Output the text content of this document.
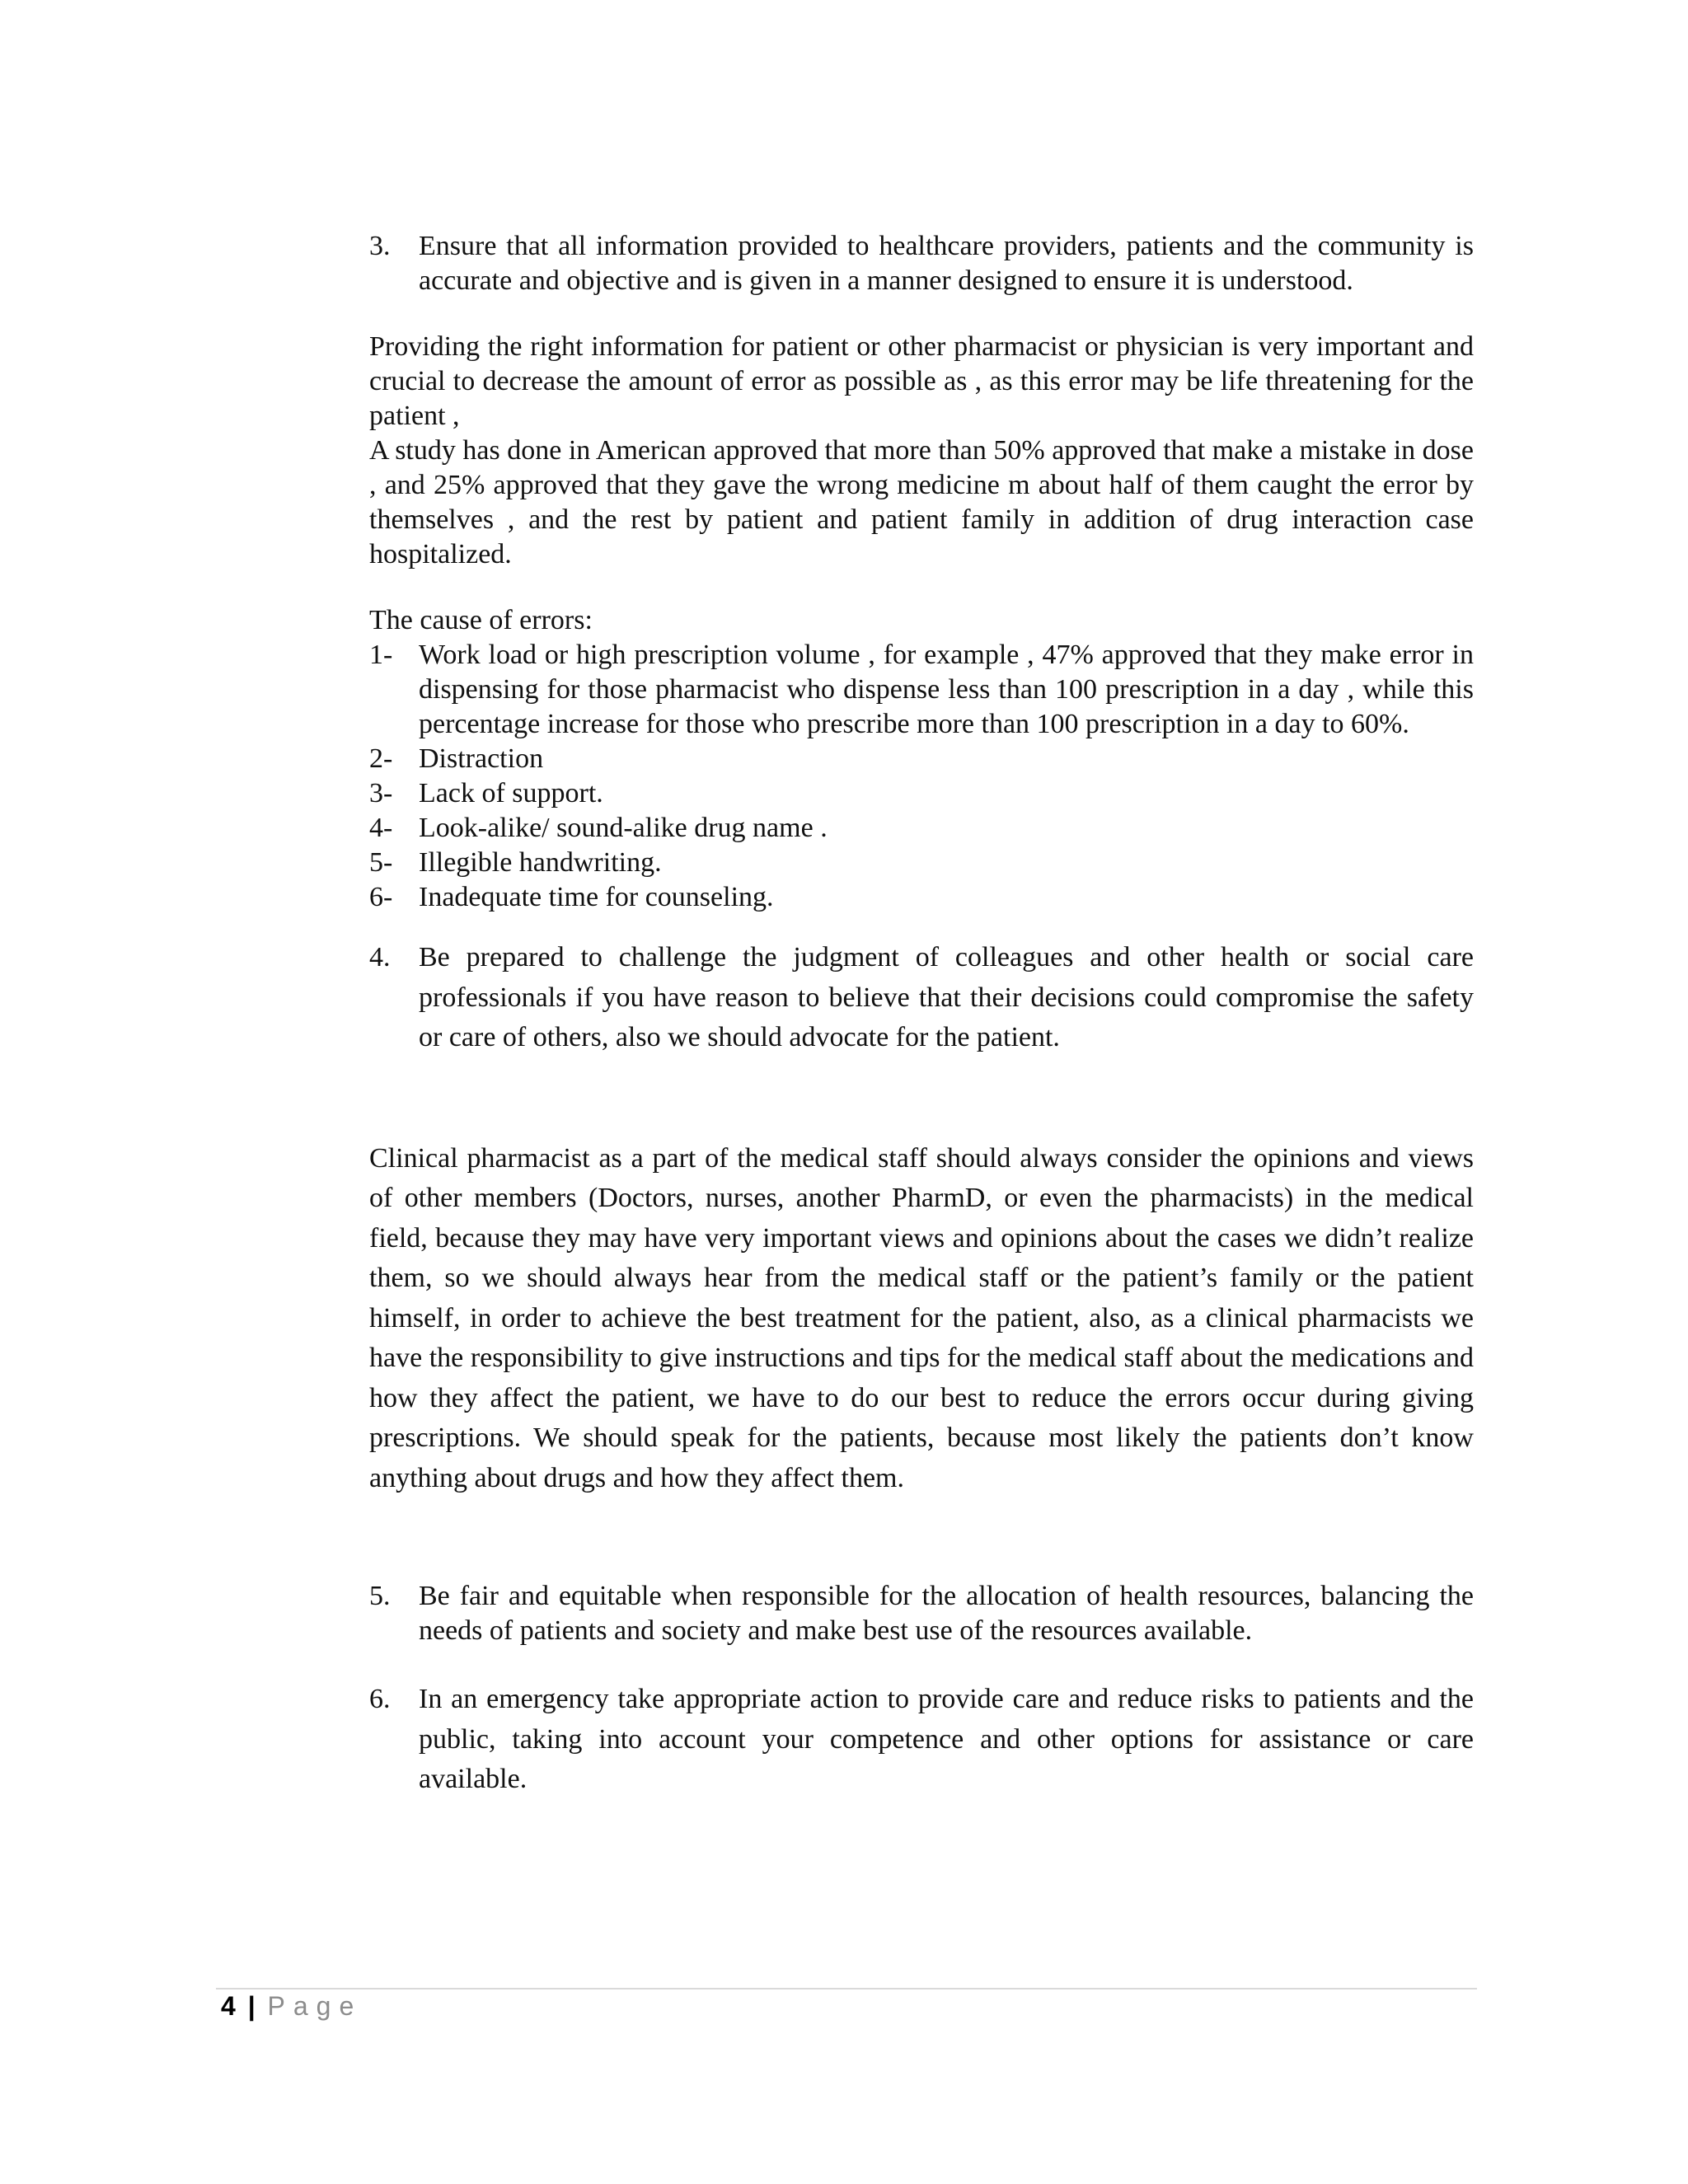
3.	Ensure that all information provided to healthcare providers, patients and the community is accurate and objective and is given in a manner designed to ensure it is understood.

Providing the right information for patient or other pharmacist or physician is very important and crucial to decrease the amount of error as possible as , as this error may be life threatening for the patient ,

A study has done in American approved that more than 50% approved that make a mistake in dose , and 25% approved that they gave the wrong medicine m about half of them caught the error by themselves , and the rest by patient and patient family in addition of drug interaction case hospitalized.

The cause of errors:

1- Work load or high prescription volume , for example , 47% approved that they make error in dispensing for those pharmacist who dispense less than 100 prescription in a day , while this percentage increase for those who prescribe more than 100 prescription in a day to 60%.
2- Distraction
3- Lack of support.
4- Look-alike/ sound-alike drug name .
5- Illegible handwriting.
6- Inadequate time for counseling.
4.	Be prepared to challenge the judgment of colleagues and other health or social care professionals if you have reason to believe that their decisions could compromise the safety or care of others, also we should advocate for the patient.

Clinical pharmacist as a part of the medical staff should always consider the opinions and views of other members (Doctors, nurses, another PharmD, or even the pharmacists) in the medical field, because they may have very important views and opinions about the cases we didn’t realize them, so we should always hear from the medical staff or the patient’s family or the patient himself, in order to achieve the best treatment for the patient, also, as a clinical pharmacists we have the responsibility to give instructions and tips for the medical staff about the medications and how they affect the patient, we have to do our best to reduce the errors occur during giving prescriptions. We should speak for the patients, because most likely the patients don’t know anything about drugs and how they affect them.

5.	Be fair and equitable when responsible for the allocation of health resources, balancing the needs of patients and society and make best use of the resources available.
6.	In an emergency take appropriate action to provide care and reduce risks to patients and the public, taking into account your competence and other options for assistance or care available.
4 | Page
